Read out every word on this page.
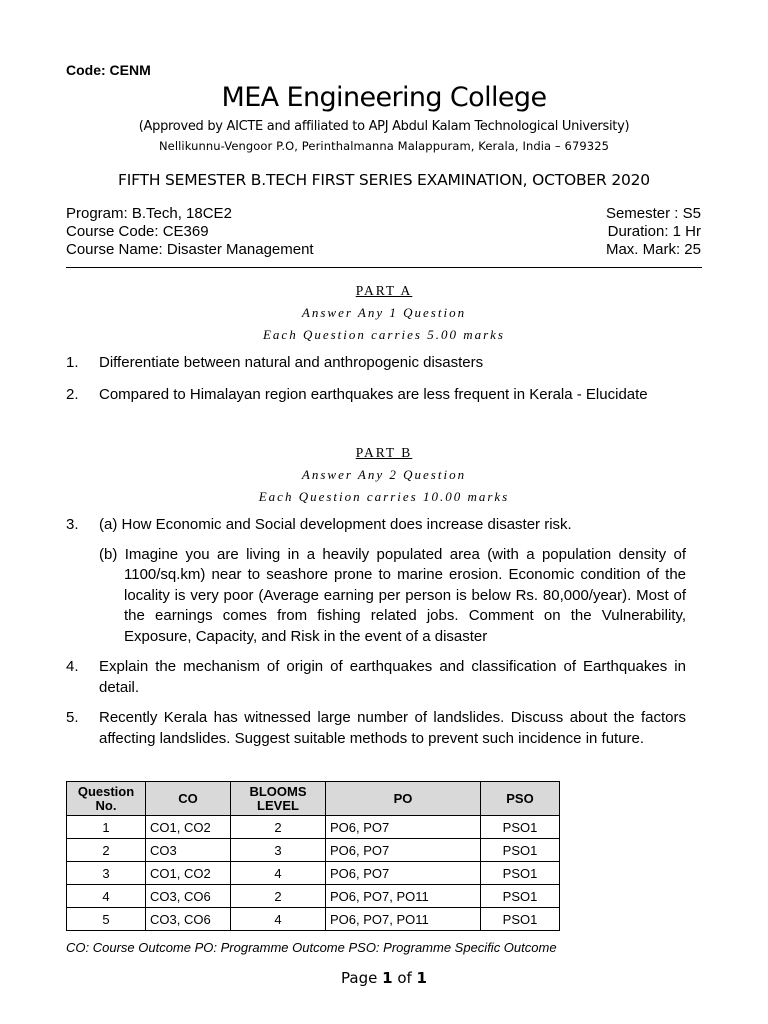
Code: CENM
MEA Engineering College
(Approved by AICTE and affiliated to APJ Abdul Kalam Technological University)
Nellikunnu-Vengoor P.O, Perinthalmanna Malappuram, Kerala, India – 679325
FIFTH SEMESTER B.TECH FIRST SERIES EXAMINATION, OCTOBER 2020
Program: B.Tech, 18CE2
Course Code: CE369
Course Name: Disaster Management
Semester : S5
Duration: 1 Hr
Max. Mark: 25
PART A
Answer Any 1 Question
Each Question carries 5.00 marks
1. Differentiate between natural and anthropogenic disasters
2. Compared to Himalayan region earthquakes are less frequent in Kerala - Elucidate
PART B
Answer Any 2 Question
Each Question carries 10.00 marks
3. (a) How Economic and Social development does increase disaster risk.
(b) Imagine you are living in a heavily populated area (with a population density of 1100/sq.km) near to seashore prone to marine erosion. Economic condition of the locality is very poor (Average earning per person is below Rs. 80,000/year). Most of the earnings comes from fishing related jobs. Comment on the Vulnerability, Exposure, Capacity, and Risk in the event of a disaster
4. Explain the mechanism of origin of earthquakes and classification of Earthquakes in detail.
5. Recently Kerala has witnessed large number of landslides. Discuss about the factors affecting landslides. Suggest suitable methods to prevent such incidence in future.
Question No.	CO	BLOOMS LEVEL	PO	PSO
1	CO1, CO2	2	PO6, PO7	PSO1
2	CO3	3	PO6, PO7	PSO1
3	CO1, CO2	4	PO6, PO7	PSO1
4	CO3, CO6	2	PO6, PO7, PO11	PSO1
5	CO3, CO6	4	PO6, PO7, PO11	PSO1
CO: Course Outcome PO: Programme Outcome PSO: Programme Specific Outcome
Page 1 of 1
